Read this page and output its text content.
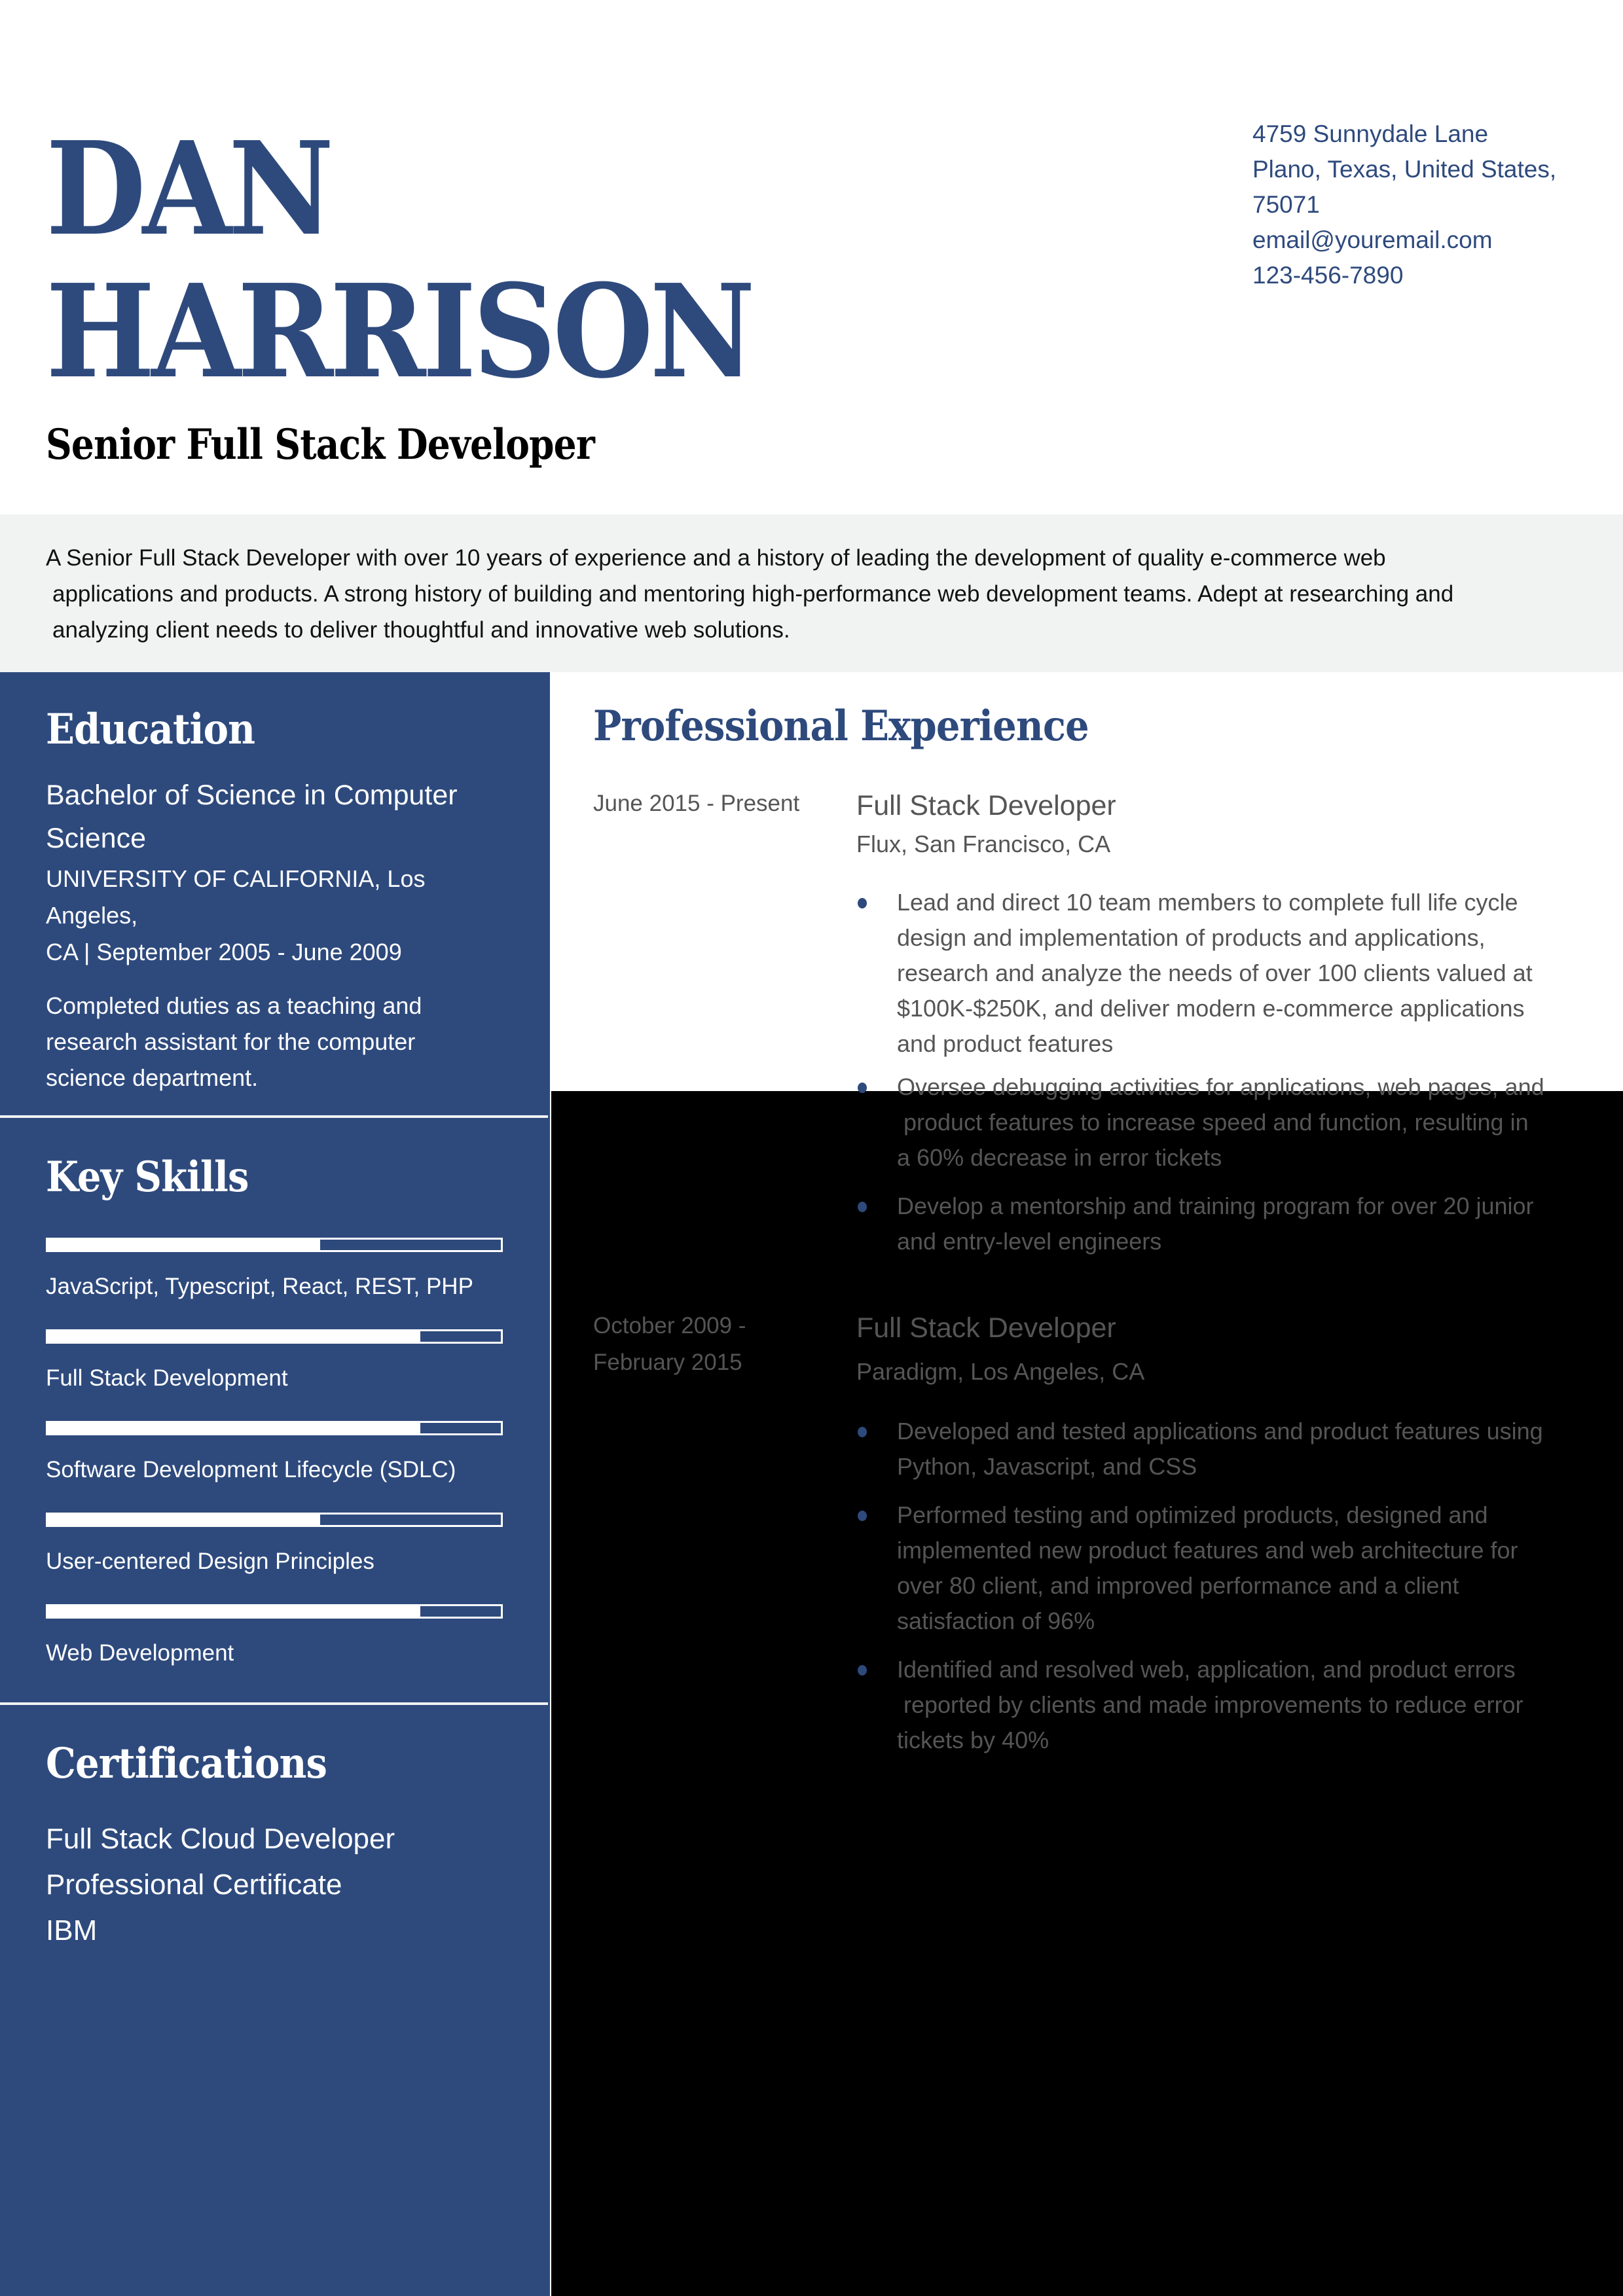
DAN
HARRISON
Senior Full Stack Developer
4759 Sunnydale Lane
Plano, Texas, United States,
75071
email@youremail.com
123-456-7890
A Senior Full Stack Developer with over 10 years of experience and a history of leading the development of quality e-commerce web
applications and products. A strong history of building and mentoring high-performance web development teams. Adept at researching and
analyzing client needs to deliver thoughtful and innovative web solutions.
Education
Bachelor of Science in Computer
Science
UNIVERSITY OF CALIFORNIA, Los Angeles,
CA | September 2005 - June 2009
Completed duties as a teaching and
research assistant for the computer
science department.
Key Skills
JavaScript, Typescript, React, REST, PHP
Full Stack Development
Software Development Lifecycle (SDLC)
User-centered Design Principles
Web Development
Certifications
Full Stack Cloud Developer
Professional Certificate
IBM
Professional Experience
June 2015 - Present	Full Stack Developer
Flux, San Francisco, CA
Lead and direct 10 team members to complete full life cycle
design and implementation of products and applications,
research and analyze the needs of over 100 clients valued at
$100K-$250K, and deliver modern e-commerce applications
and product features
Oversee debugging activities for applications, web pages, and
product features to increase speed and function, resulting in
a 60% decrease in error tickets
Develop a mentorship and training program for over 20 junior
and entry-level engineers
October 2009 -
February 2015
Full Stack Developer
Paradigm, Los Angeles, CA
Developed and tested applications and product features using
Python, Javascript, and CSS
Performed testing and optimized products, designed and
implemented new product features and web architecture for
over 80 client, and improved performance and a client
satisfaction of 96%
Identified and resolved web, application, and product errors
reported by clients and made improvements to reduce error
tickets by 40%
